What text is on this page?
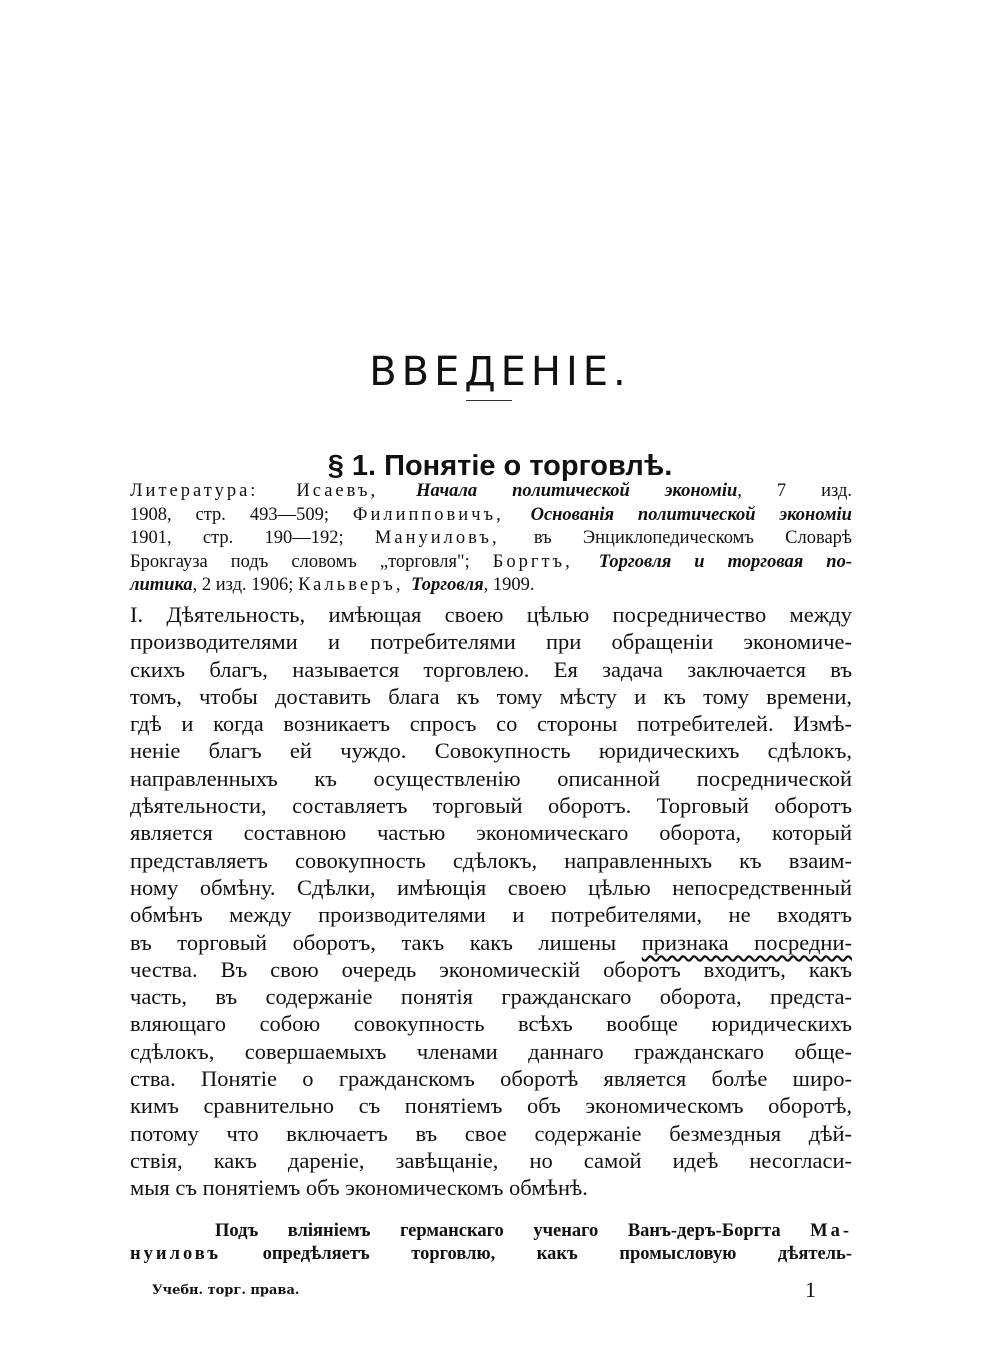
ВВЕДЕНІЕ.
§ 1. Понятіе о торговлѣ.
Литература: Исаевъ, Начала политической экономіи, 7 изд.
1908, стр. 493—509; Филипповичъ, Основанія политической экономіи
1901, стр. 190—192; Мануиловъ, въ Энциклопедическомъ Словарѣ
Брокгауза подъ словомъ „торговля"; Боргтъ, Торговля и торговая по-
литика, 2 изд. 1906; Кальверъ, Торговля, 1909.
I. Дѣятельность, имѣющая своею цѣлью посредничество между
производителями и потребителями при обращеніи экономиче-
скихъ благъ, называется торговлею. Ея задача заключается въ
томъ, чтобы доставить блага къ тому мѣсту и къ тому времени,
гдѣ и когда возникаетъ спросъ со стороны потребителей. Измѣ-
неніе благъ ей чуждо. Совокупность юридическихъ сдѣлокъ,
направленныхъ къ осуществленію описанной посреднической
дѣятельности, составляетъ торговый оборотъ. Торговый оборотъ
является составною частью экономическаго оборота, который
представляетъ совокупность сдѣлокъ, направленныхъ къ взаим-
ному обмѣну. Сдѣлки, имѣющія своею цѣлью непосредственный
обмѣнъ между производителями и потребителями, не входятъ
въ торговый оборотъ, такъ какъ лишены признака посредни-
чества. Въ свою очередь экономическій оборотъ входитъ, какъ
часть, въ содержаніе понятія гражданскаго оборота, предста-
вляющаго собою совокупность всѣхъ вообще юридическихъ
сдѣлокъ, совершаемыхъ членами даннаго гражданскаго обще-
ства. Понятіе о гражданскомъ оборотѣ является болѣе широ-
кимъ сравнительно съ понятіемъ объ экономическомъ оборотѣ,
потому что включаетъ въ свое содержаніе безмездныя дѣй-
ствія, какъ дареніе, завѣщаніе, но самой идеѣ несогласи-
мыя съ понятіемъ объ экономическомъ обмѣнѣ.
Подъ вліяніемъ германскаго ученаго Ванъ-деръ-Боргта Ма-
нуиловъ опредѣляетъ торговлю, какъ промысловую дѣятель-
Учебн. торг. права.	1
